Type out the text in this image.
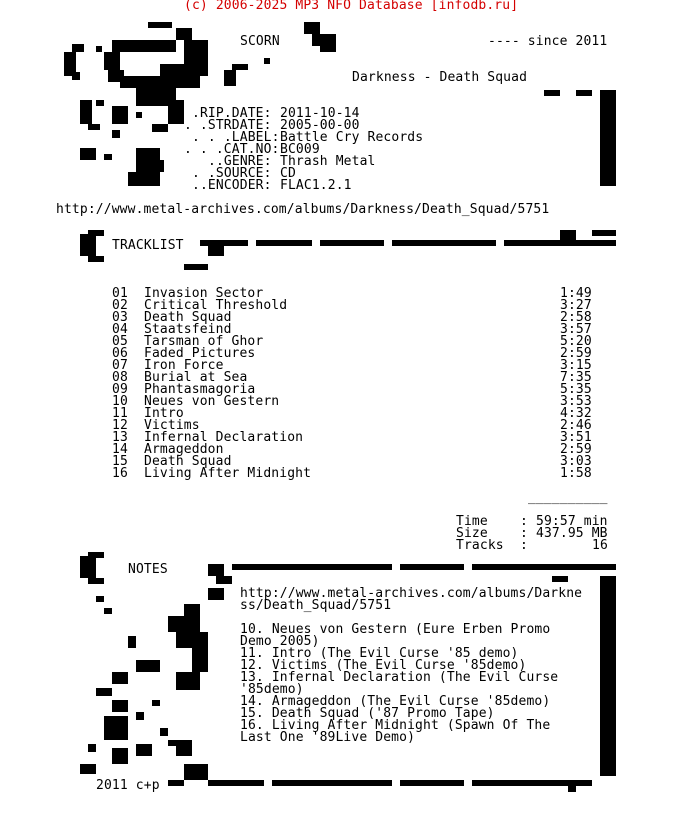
(c) 2006-2025 MP3 NFO Database [infodb.ru]
SCORN	---- since 2011
Darkness - Death Squad
.RIP.DATE: 2011-10-14
. .STRDATE: 2005-00-00
. . .LABEL: Battle Cry Records
. . .CAT.NO: BC009
..GENRE: Thrash Metal
. .SOURCE: CD
..ENCODER: FLAC1.2.1
http://www.metal-archives.com/albums/Darkness/Death_Squad/5751
TRACKLIST
01 Invasion Sector	1:49
02 Critical Threshold	3:27
03 Death Squad	2:58
04 Staatsfeind	3:57
05 Tarsman of Ghor	5:20
06 Faded Pictures	2:59
07 Iron Force	3:15
08 Burial at Sea	7:35
09 Phantasmagoria	5:35
10 Neues von Gestern	3:53
11 Intro	4:32
12 Victims	2:46
13 Infernal Declaration	3:51
14 Armageddon	2:59
15 Death Squad	3:03
16 Living After Midnight	1:58
__________
Time : 59:57 min
Size : 437.95 MB
Tracks :	16
NOTES
http://www.metal-archives.com/albums/Darkne
ss/Death_Squad/5751
10. Neues von Gestern (Eure Erben Promo
Demo 2005)
11. Intro (The Evil Curse '85 demo)
12. Victims (The Evil Curse '85demo)
13. Infernal Declaration (The Evil Curse
'85demo)
14. Armageddon (The Evil Curse '85demo)
15. Death Squad ('87 Promo Tape)
16. Living After Midnight (Spawn Of The
Last One '89Live Demo)
2011 c+p
